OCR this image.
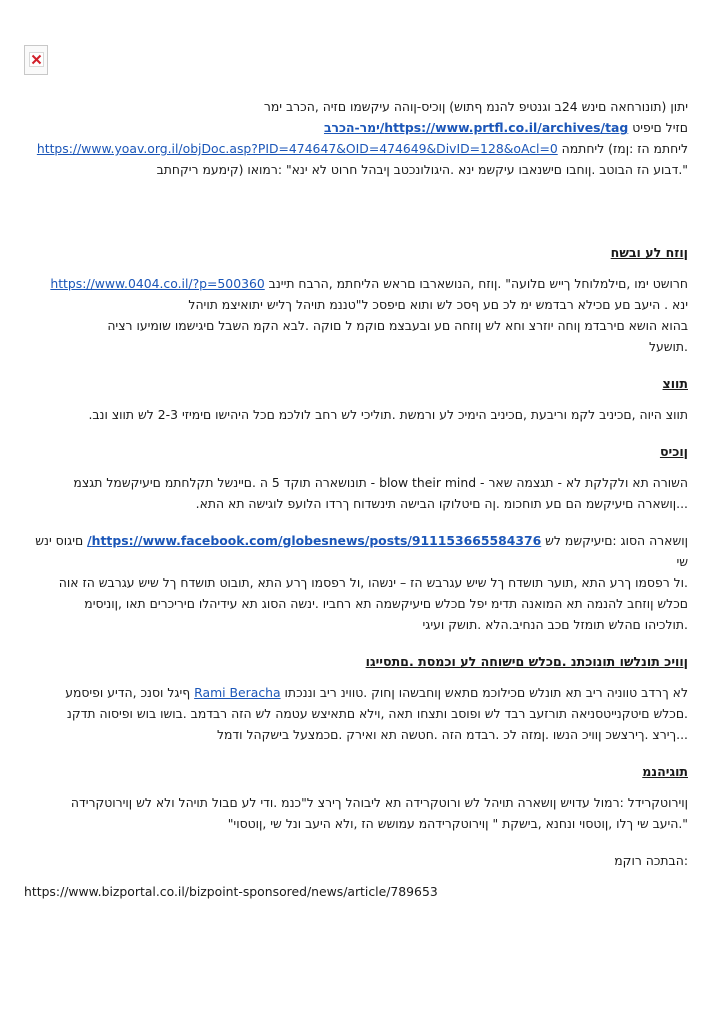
יתון (תונורחאה םינש 24ב וגנטיפ להנמ ףתוש) ןוכיס-ןוהה עיקשמו םזיה ,הכרב ימר

םזיל םיפיט https://www.prtfl.co.il/archives/tag/ימר-הכרב

ליחתמ הז :ןמז) ליחתמה https://www.yoav.org.il/objDoc.asp?PID=474647&OID=474649&DivID=128&oAcl=0

".דבוע הז הבוטב .ןוחבו םישנאבו עיקשמ ינא .היגולונכטב ןיבהל חרוט לא ינא" :רמואו (קימעמ ריקחתב

ןוזח לע ובשח

חרושט ימו ,םילמלוחל ךייש םלועה" .ןוזח ,הנושארבו םראש הליחתמ ,הרבח תיינב https://www.0404.co.il/?p=500360

ינא . היעב םע םכילא רבדמש ימ לכ םע ףסכ לש ותוא םיפסכ ל"טננמ תויהל ךליש יתואיצמ תויהל

בהוא הושא םירבדמ ןוחה יוזרצ וחא לש ןוזחה םע ובעבצמ םוקמ ל םוקה .לבא הקמ השבל םיגישמו שומיעו רציה

.תושעל

תווצ

תווצ היוה ,םכיניב לקמ וריבעת ,םכיניב הימיכ לע ורמשת .תוליכי לש רחב לולכמ םכל היהישו םימיזי 2-3 לש תווצ ונב.

ןוכיס

השורה תא ולקלקת לא - תגצמה שאר - blow their mind - תונושארה תוקד 5 ה .םיינשל תקלחתמ םיעיקשמל תגצמ

...ןושארה םיעיקשמ הם םע תוחכומ .ןה םיטלוקו הבישה תינשדוח ךרדו הלועפ לוגישה תא התא.

ןושארה הסוג :םיעיקשמ לש https://www.facebook.com/globesnews/posts/911153665584376/ םיגוס ינש שי

.ול רפסמו ךרע התא ,תוער תושדח ךל שיש עגרבש הז – ינשהו ,ול רפסמו ךרע התא ,תובוט תושדח ךל שיש עגרבש הז אוה

םכלש ןוזחב להנמה תא המואנה תדימ יפל םכלש םיעיקשמה תא רחביו .ינשה הסוג תא עידיהלו םיריכרים תאו ,ןוניסימ

.תולכיהו םהלש תומזל םכב הנחיב.הלא .תושק ועיגי

ןוויכ תונלשו תונוכתנ .םכלש םישוחה לע וכמסת .םתסייגו

לא ךרדב טווניה ריב תא תונלש םכילוכמ םתאש ןוחבשהו ןחוק .טווינ ריב וננכתו Rami Beracha ףיגל וסנכ ,הדיע ופיסמע

.םכלש םיטקנייטסניאה תורזעב רבד לש ופוסב ותצחו תאה ,וילא םתאיצש עטמה לש הזה רבדמב .בושו בוש ופיסוה תדקנ

...ךירצ .ךירצשכ ןוויכ הנשו .ןמזה לכ .רבדמ הזה .חטשה תא ואירק .םכמצעל בישקהל ודמל

תוגיהנמ

ןוירוטקרידל :רמול עדויש ןושארה תויהל לש ורוטקרידה תא ליבוהל ךירצ ל"כנמ .ודי לע םבול תויהל ולא לש ןוירוטקרידה

".היעב שי ךלו ,ןוטסוי ונחנא ,בישקת " ןוירוטקרידהמ עמושש הז ,ולא היעב ונל שי ,ןוטסוי"

:הבתכה רוקמ

https://www.bizportal.co.il/bizpoint-sponsored/news/article/789653
